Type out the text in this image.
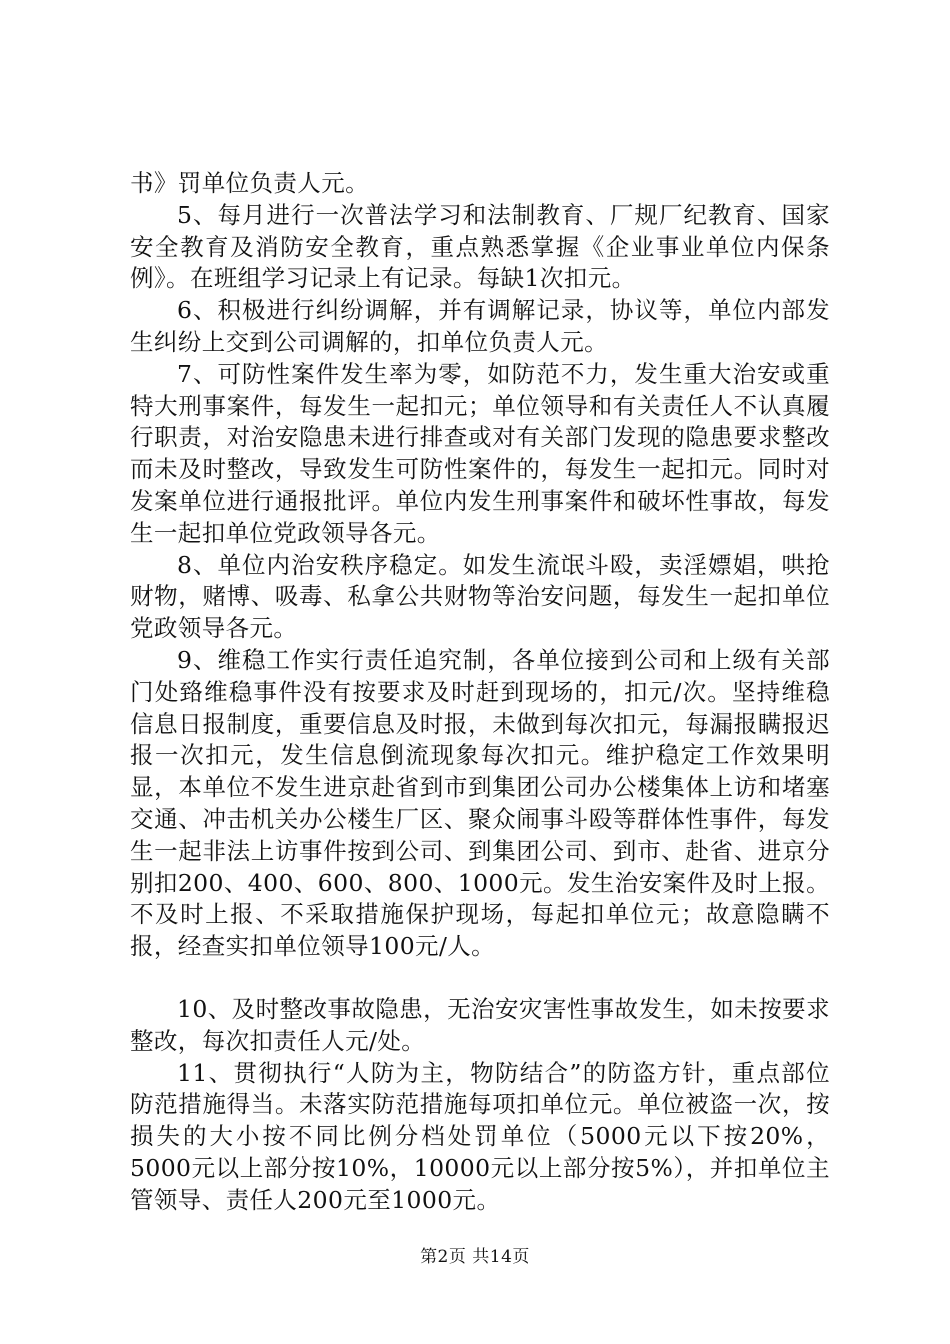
书》罚单位负责人元。

5、每月进行一次普法学习和法制教育、厂规厂纪教育、国家安全教育及消防安全教育，重点熟悉掌握《企业事业单位内保条例》。在班组学习记录上有记录。每缺1次扣元。

6、积极进行纠纷调解，并有调解记录，协议等，单位内部发生纠纷上交到公司调解的，扣单位负责人元。

7、可防性案件发生率为零，如防范不力，发生重大治安或重特大刑事案件，每发生一起扣元；单位领导和有关责任人不认真履行职责，对治安隐患未进行排查或对有关部门发现的隐患要求整改而未及时整改，导致发生可防性案件的，每发生一起扣元。同时对发案单位进行通报批评。单位内发生刑事案件和破坏性事故，每发生一起扣单位党政领导各元。

8、单位内治安秩序稳定。如发生流氓斗殴，卖淫嫖娼，哄抢财物，赌博、吸毒、私拿公共财物等治安问题，每发生一起扣单位党政领导各元。

9、维稳工作实行责任追究制，各单位接到公司和上级有关部门处臵维稳事件没有按要求及时赶到现场的，扣元/次。坚持维稳信息日报制度，重要信息及时报，未做到每次扣元，每漏报瞒报迟报一次扣元，发生信息倒流现象每次扣元。维护稳定工作效果明显，本单位不发生进京赴省到市到集团公司办公楼集体上访和堵塞交通、冲击机关办公楼生厂区、聚众闹事斗殴等群体性事件，每发生一起非法上访事件按到公司、到集团公司、到市、赴省、进京分别扣200、400、600、800、1000元。发生治安案件及时上报。不及时上报、不采取措施保护现场，每起扣单位元；故意隐瞒不报，经查实扣单位领导100元/人。

10、及时整改事故隐患，无治安灾害性事故发生，如未按要求整改，每次扣责任人元/处。

11、贯彻执行“人防为主，物防结合”的防盗方针，重点部位防范措施得当。未落实防范措施每项扣单位元。单位被盗一次，按损失的大小按不同比例分档处罚单位（5000元以下按20%，5000元以上部分按10%，10000元以上部分按5%），并扣单位主管领导、责任人200元至1000元。

第2页 共14页
